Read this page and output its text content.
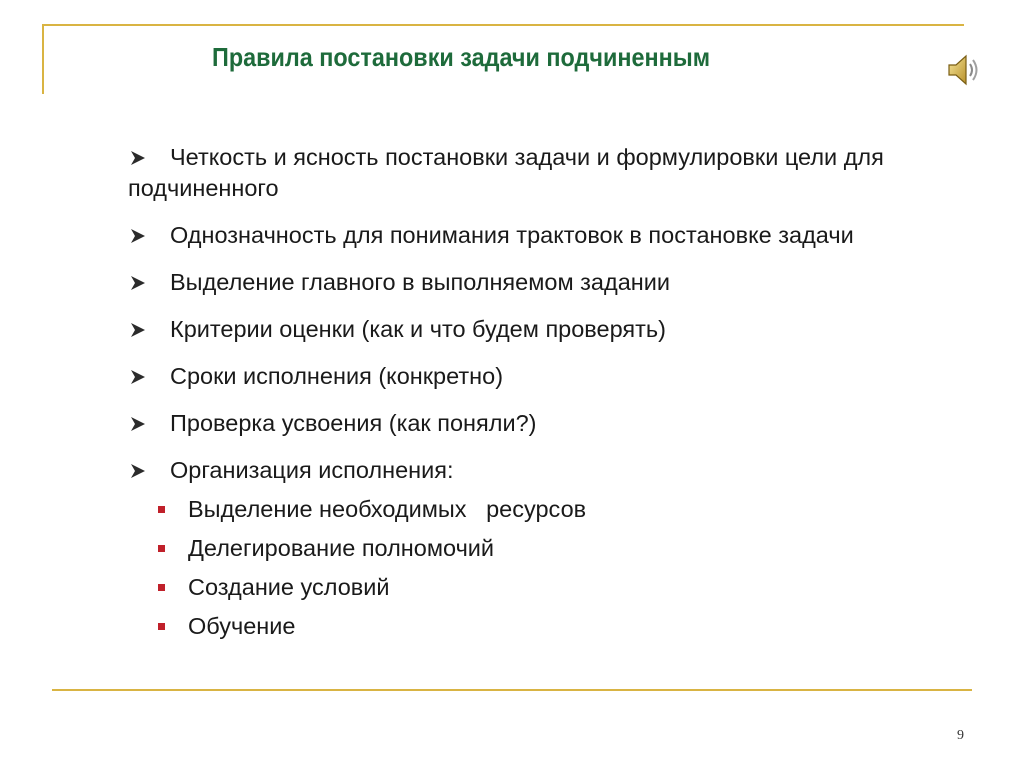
Правила постановки задачи подчиненным
Четкость и ясность постановки задачи и формулировки цели для подчиненного
Однозначность для понимания трактовок в постановке задачи
Выделение главного в выполняемом задании
Критерии оценки (как и что будем проверять)
Сроки исполнения (конкретно)
Проверка усвоения (как поняли?)
Организация исполнения:
Выделение необходимых   ресурсов
Делегирование полномочий
Создание условий
Обучение
9
